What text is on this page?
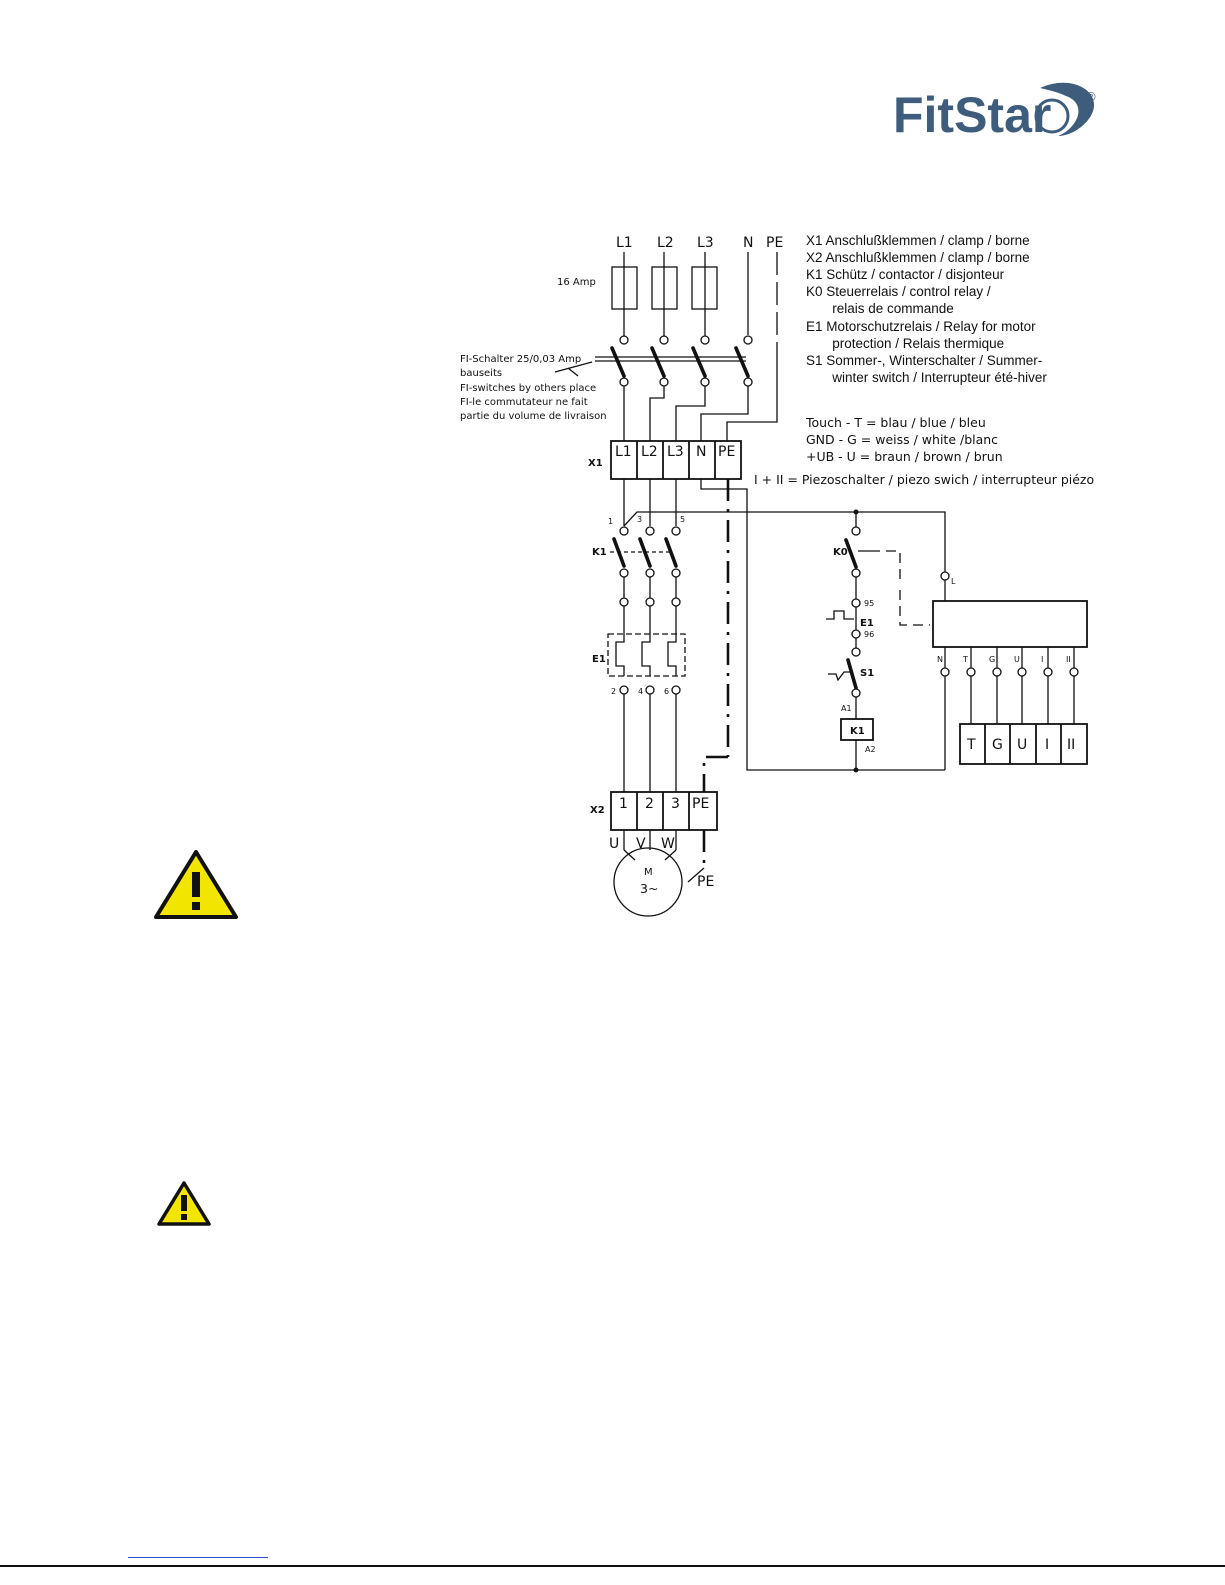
FitStar	®
L1 L2 L3 N PE
16 Amp
X1 Anschlußklemmen / clamp / borne
X2 Anschlußklemmen / clamp / borne
K1 Schütz / contactor / disjonteur
K0 Steuerrelais / control relay /
relais de commande
E1 Motorschutzrelais / Relay for motor
protection / Relais thermique
S1 Sommer-, Winterschalter / Summer-
winter switch / Interrupteur été-hiver
Touch - T = blau / blue / bleu
GND - G = weiss / white /blanc
+UB - U = braun / brown / brun
I + II = Piezoschalter / piezo swich / interrupteur piézo
FI-Schalter 25/0,03 Amp
bauseits
FI-switches by others place
FI-le commutateur ne fait
partie du volume de livraison
X1
L1 L2 L3 N PE
1	3	5
K1
E1
2	4	6
X2 1 2 3 PE
U V W
M
3~	PE
K0
95
E1
96
S1
A1
K1
A2
L
N	T	G U	I	II
T G U I II
